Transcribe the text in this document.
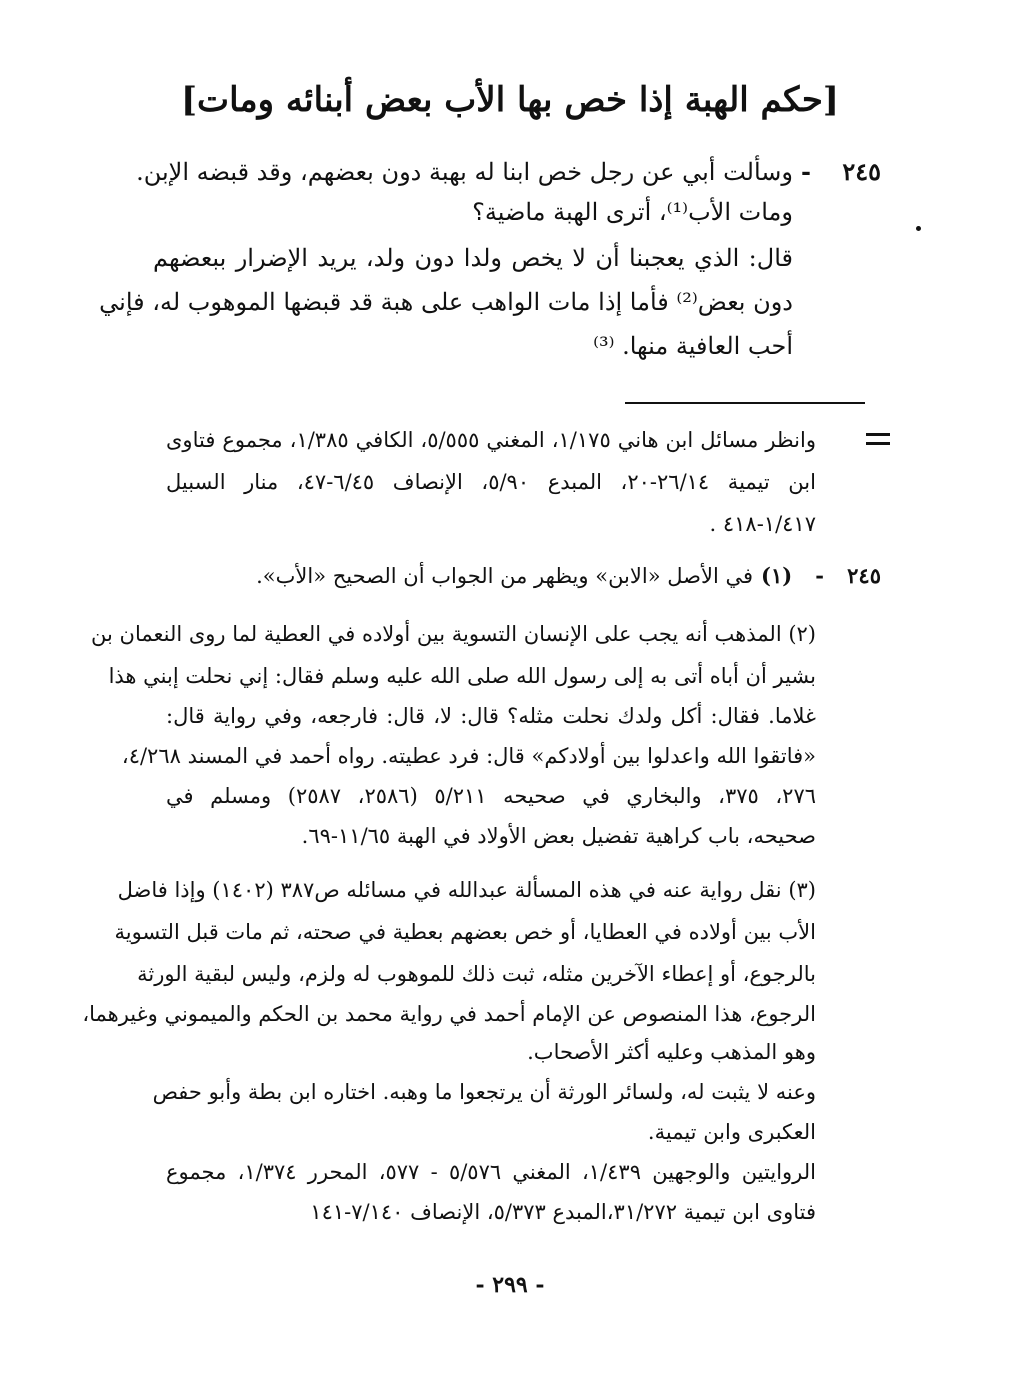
[حكم الهبة إذا خص بها الأب بعض أبنائه ومات]
٢٤٥ -
وسألت أبي عن رجل خص ابنا له بهبة دون بعضهم، وقد قبضه الإبن.
ومات الأب⁽¹⁾، أترى الهبة ماضية؟
قال: الذي يعجبنا أن لا يخص ولدا دون ولد، يريد الإضرار ببعضهم
دون بعض⁽²⁾ فأما إذا مات الواهب على هبة قد قبضها الموهوب له، فإني
أحب العافية منها. ⁽³⁾
وانظر مسائل ابن هاني ١/١٧٥، المغني ٥/٥٥٥، الكافي ١/٣٨٥، مجموع فتاوى
ابن تيمية ٢٦/١٤-٢٠، المبدع ٥/٩٠، الإنصاف ٦/٤٥-٤٧، منار السبيل
١/٤١٧-٤١٨ .
٢٤٥ - (١)
في الأصل «الابن» ويظهر من الجواب أن الصحيح «الأب».
(٢) المذهب أنه يجب على الإنسان التسوية بين أولاده في العطية لما روى النعمان بن
بشير أن أباه أتى به إلى رسول الله صلى الله عليه وسلم فقال: إني نحلت إبني هذا
غلاما. فقال: أكل ولدك نحلت مثله؟ قال: لا، قال: فارجعه، وفي رواية قال:
«فاتقوا الله واعدلوا بين أولادكم» قال: فرد عطيته. رواه أحمد في المسند ٤/٢٦٨،
٢٧٦، ٣٧٥، والبخاري في صحيحه ٥/٢١١ (٢٥٨٦، ٢٥٨٧) ومسلم في
صحيحه، باب كراهية تفضيل بعض الأولاد في الهبة ١١/٦٥-٦٩.
(٣) نقل رواية عنه في هذه المسألة عبدالله في مسائله ص٣٨٧ (١٤٠٢) وإذا فاضل
الأب بين أولاده في العطايا، أو خص بعضهم بعطية في صحته، ثم مات قبل التسوية
بالرجوع، أو إعطاء الآخرين مثله، ثبت ذلك للموهوب له ولزم، وليس لبقية الورثة
الرجوع، هذا المنصوص عن الإمام أحمد في رواية محمد بن الحكم والميموني وغيرهما،
وهو المذهب وعليه أكثر الأصحاب.
وعنه لا يثبت له، ولسائر الورثة أن يرتجعوا ما وهبه. اختاره ابن بطة وأبو حفص
العكبرى وابن تيمية.
الروايتين والوجهين ١/٤٣٩، المغني ٥/٥٧٦ - ٥٧٧، المحرر ١/٣٧٤، مجموع
فتاوى ابن تيمية ٣١/٢٧٢،المبدع ٥/٣٧٣، الإنصاف ٧/١٤٠-١٤١
- ٢٩٩ -
